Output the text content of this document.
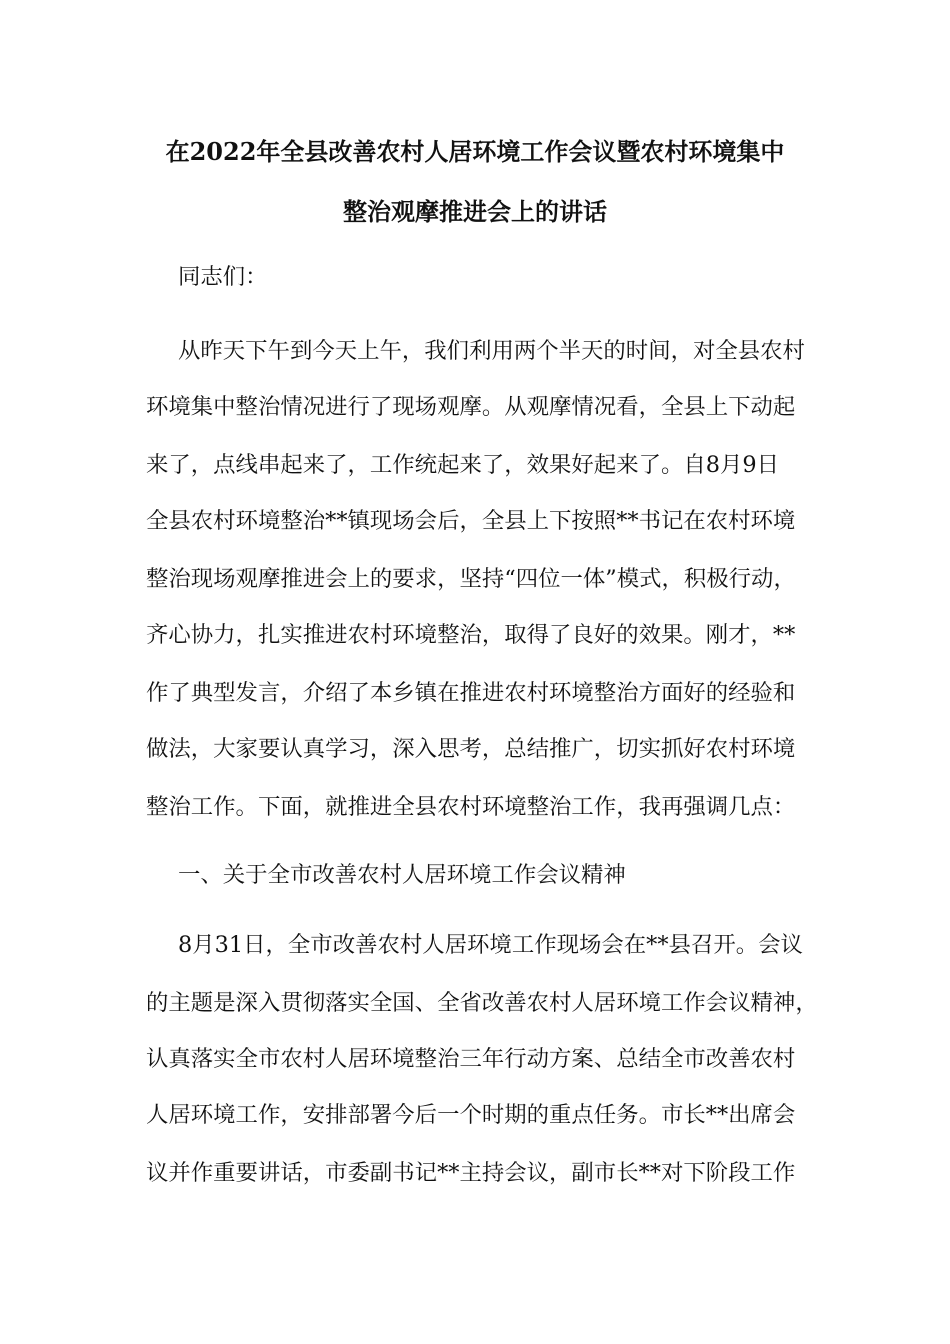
在2022年全县改善农村人居环境工作会议暨农村环境集中
整治观摩推进会上的讲话
同志们：
从昨天下午到今天上午，我们利用两个半天的时间，对全县农村
环境集中整治情况进行了现场观摩。从观摩情况看，全县上下动起
来了，点线串起来了，工作统起来了，效果好起来了。自8月9日
全县农村环境整治**镇现场会后，全县上下按照**书记在农村环境
整治现场观摩推进会上的要求，坚持“四位一体”模式，积极行动，
齐心协力，扎实推进农村环境整治，取得了良好的效果。刚才，**
作了典型发言，介绍了本乡镇在推进农村环境整治方面好的经验和
做法，大家要认真学习，深入思考，总结推广，切实抓好农村环境
整治工作。下面，就推进全县农村环境整治工作，我再强调几点：
一、关于全市改善农村人居环境工作会议精神
8月31日，全市改善农村人居环境工作现场会在**县召开。会议
的主题是深入贯彻落实全国、全省改善农村人居环境工作会议精神，
认真落实全市农村人居环境整治三年行动方案、总结全市改善农村
人居环境工作，安排部署今后一个时期的重点任务。市长**出席会
议并作重要讲话，市委副书记**主持会议，副市长**对下阶段工作
